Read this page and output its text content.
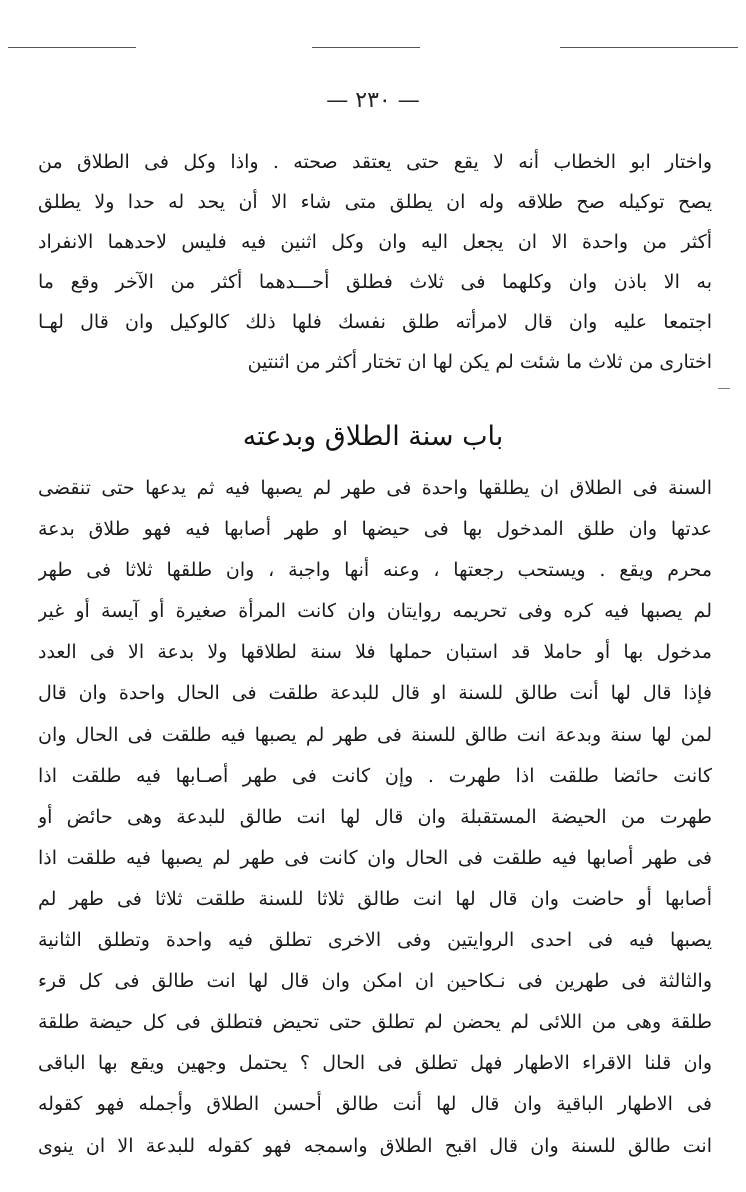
— ٢٣٠ —
واختار ابو الخطاب أنه لا يقع حتى يعتقد صحته . واذا وكل فى الطلاق من
يصح توكيله صح طلاقه وله ان يطلق متى شاء الا أن يحد له حدا ولا يطلق
أكثر من واحدة الا ان يجعل اليه وان وكل اثنين فيه فليس لاحدهما الانفراد
به الا باذن وان وكلهما فى ثلاث فطلق أحـــدهما أكثر من الآخر وقع ما
اجتمعا عليه وان قال لامرأته طلق نفسك فلها ذلك كالوكيل وان قال لهـا
اختارى من ثلاث ما شئت لم يكن لها ان تختار أكثر من اثنتين
باب سنة الطلاق وبدعته
السنة فى الطلاق ان يطلقها واحدة فى طهر لم يصبها فيه ثم يدعها حتى تنقضى
عدتها وان طلق المدخول بها فى حيضها او طهر أصابها فيه فهو طلاق بدعة
محرم ويقع . ويستحب رجعتها ، وعنه أنها واجبة ، وان طلقها ثلاثا فى طهر
لم يصبها فيه كره وفى تحريمه روايتان وان كانت المرأة صغيرة أو آيسة أو غير
مدخول بها أو حاملا قد استبان حملها فلا سنة لطلاقها ولا بدعة الا فى العدد
فإذا قال لها أنت طالق للسنة او قال للبدعة طلقت فى الحال واحدة وان قال
لمن لها سنة وبدعة انت طالق للسنة فى طهر لم يصبها فيه طلقت فى الحال وان
كانت حائضا طلقت اذا طهرت . وإن كانت فى طهر أصـابها فيه طلقت اذا
طهرت من الحيضة المستقبلة وان قال لها انت طالق للبدعة وهى حائض أو
فى طهر أصابها فيه طلقت فى الحال وان كانت فى طهر لم يصبها فيه طلقت اذا
أصابها أو حاضت وان قال لها انت طالق ثلاثا للسنة طلقت ثلاثا فى طهر لم
يصبها فيه فى احدى الروايتين وفى الاخرى تطلق فيه واحدة وتطلق الثانية
والثالثة فى طهرين فى نـكاحين ان امكن وان قال لها انت طالق فى كل قرء
طلقة وهى من اللائى لم يحضن لم تطلق حتى تحيض فتطلق فى كل حيضة طلقة
وان قلنا الاقراء الاطهار فهل تطلق فى الحال ؟ يحتمل وجهين ويقع بها الباقى
فى الاطهار الباقية وان قال لها أنت طالق أحسن الطلاق وأجمله فهو كقوله
انت طالق للسنة وان قال اقبح الطلاق واسمجه فهو كقوله للبدعة الا ان ينوى
